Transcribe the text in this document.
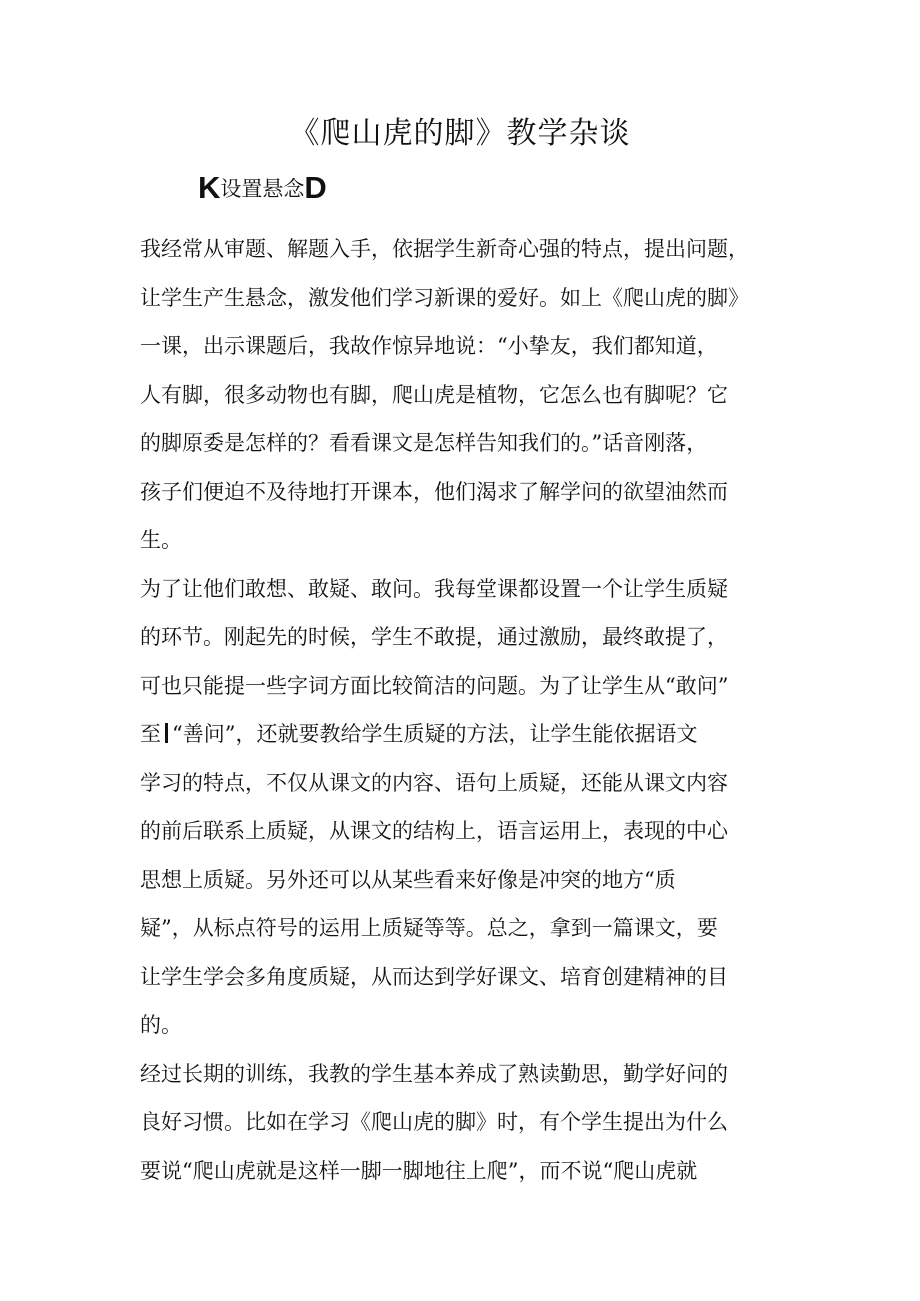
《爬山虎的脚》教学杂谈
K设置悬念D
我经常从审题、解题入手，依据学生新奇心强的特点，提出问题，
让学生产生悬念，激发他们学习新课的爱好。如上《爬山虎的脚》
一课，出示课题后，我故作惊异地说：“小挚友，我们都知道，
人有脚，很多动物也有脚，爬山虎是植物，它怎么也有脚呢？它
的脚原委是怎样的？看看课文是怎样告知我们的。”话音刚落，
孩子们便迫不及待地打开课本，他们渴求了解学问的欲望油然而
生。
为了让他们敢想、敢疑、敢问。我每堂课都设置一个让学生质疑
的环节。刚起先的时候，学生不敢提，通过激励，最终敢提了，
可也只能提一些字词方面比较简洁的问题。为了让学生从“敢问”
至 “善问”，还就要教给学生质疑的方法，让学生能依据语文
学习的特点，不仅从课文的内容、语句上质疑，还能从课文内容
的前后联系上质疑，从课文的结构上，语言运用上，表现的中心
思想上质疑。另外还可以从某些看来好像是冲突的地方“质
疑”，从标点符号的运用上质疑等等。总之，拿到一篇课文，要
让学生学会多角度质疑，从而达到学好课文、培育创建精神的目
的。
经过长期的训练，我教的学生基本养成了熟读勤思，勤学好问的
良好习惯。比如在学习《爬山虎的脚》时，有个学生提出为什么
要说“爬山虎就是这样一脚一脚地往上爬”，而不说“爬山虎就
